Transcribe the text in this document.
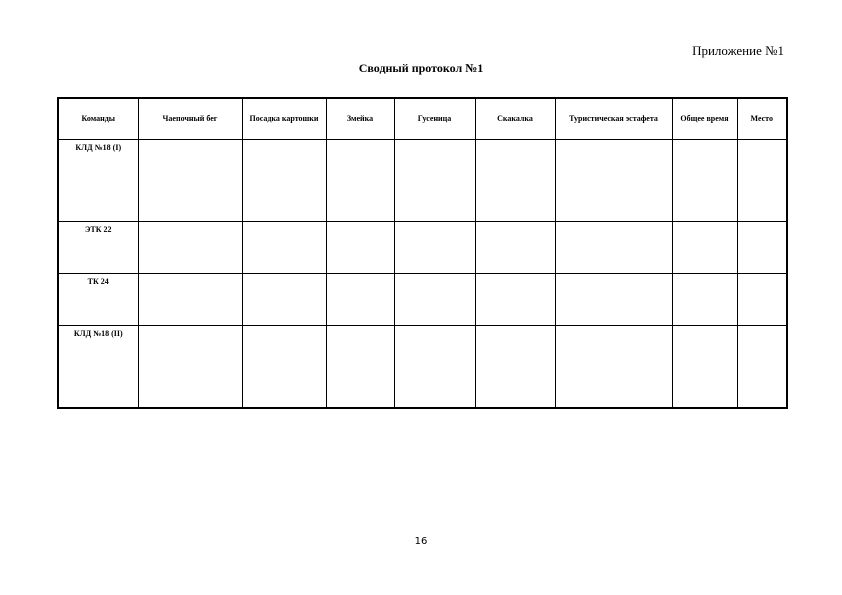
Приложение №1
Сводный протокол №1
Команды	Чаепочный бег	Посадка картошки	Змейка	Гусеница	Скакалка	Туристическая эстафета	Общее время	Место
КЛД №18 (I)								
ЭТК 22								
ТК 24								
КЛД №18 (II)								
16
